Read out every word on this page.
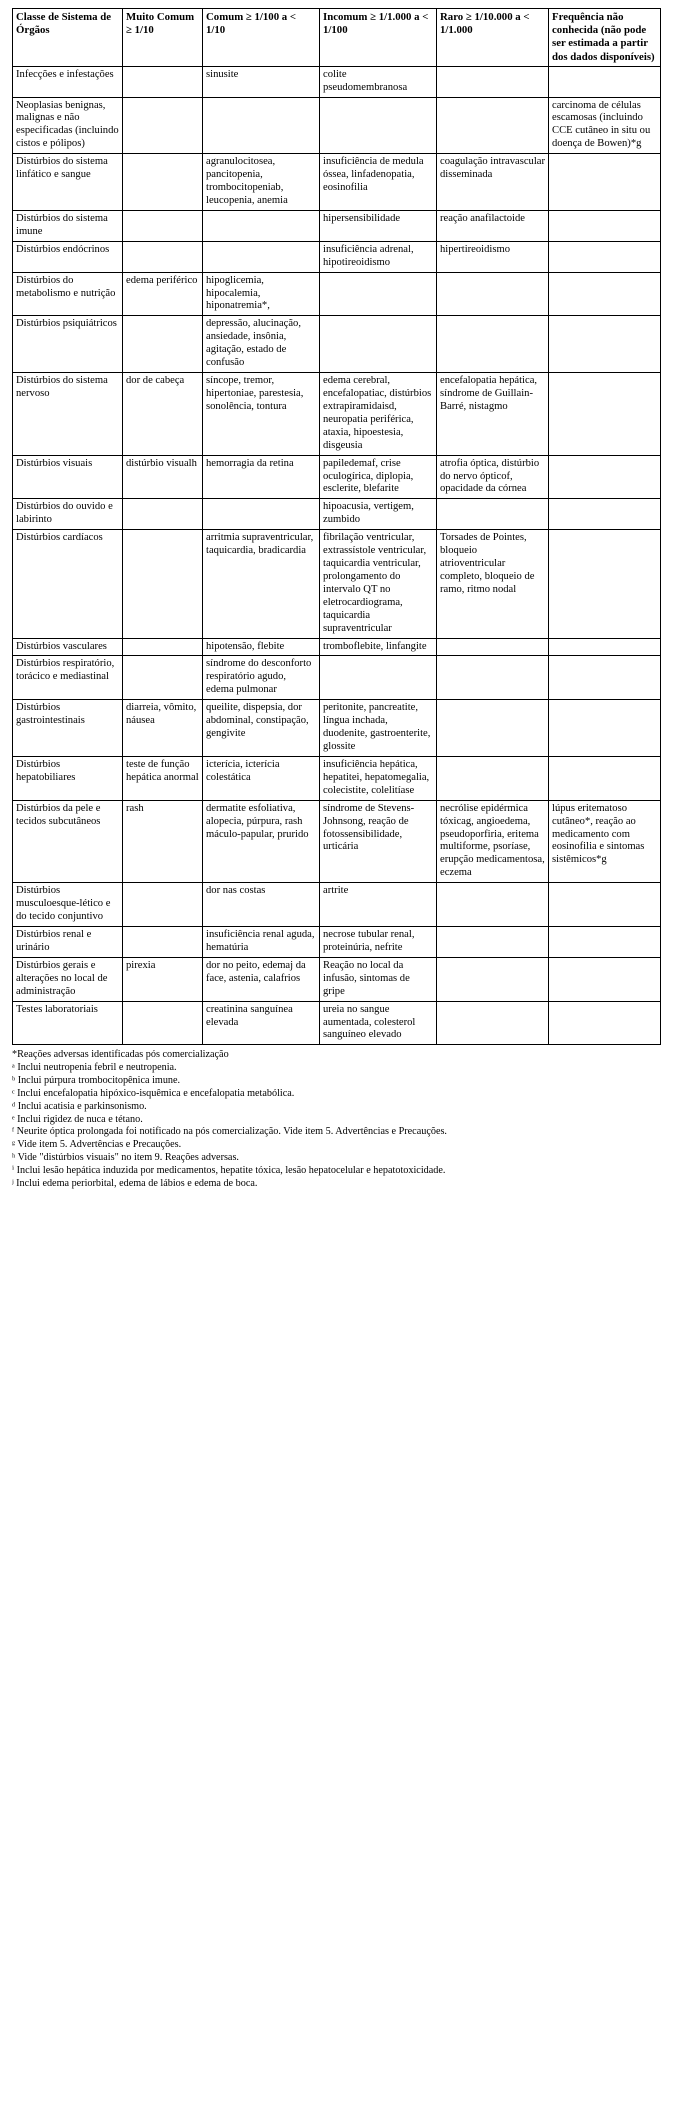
Classe de Sistema de Órgãos	Muito Comum ≥ 1/10	Comum ≥ 1/100 a < 1/10	Incomum ≥ 1/1.000 a < 1/100	Raro ≥ 1/10.000 a < 1/1.000	Frequência não conhecida (não pode ser estimada a partir dos dados disponíveis)
Infecções e infestações		sinusite	colite pseudomembranosa		
Neoplasias benignas, malignas e não especificadas (incluindo cistos e pólipos)					carcinoma de células escamosas (incluindo CCE cutâneo in situ ou doença de Bowen)*g
Distúrbios do sistema linfático e sangue		agranulocitosea, pancitopenia, trombocitopeniab, leucopenia, anemia	insuficiência de medula óssea, linfadenopatia, eosinofilia	coagulação intravascular disseminada	
Distúrbios do sistema imune			hipersensibilidade	reação anafilactoide	
Distúrbios endócrinos			insuficiência adrenal, hipotireoidismo	hipertireoidismo	
Distúrbios do metabolismo e nutrição	edema periférico	hipoglicemia, hipocalemia, hiponatremia*,			
Distúrbios psiquiátricos		depressão, alucinação, ansiedade, insônia, agitação, estado de confusão			
Distúrbios do sistema nervoso	dor de cabeça	síncope, tremor, hipertoniae, parestesia, sonolência, tontura	edema cerebral, encefalopatiac, distúrbios extrapiramidaisd, neuropatia periférica, ataxia, hipoestesia, disgeusia	encefalopatia hepática, síndrome de Guillain-Barré, nistagmo	
Distúrbios visuais	distúrbio visualh	hemorragia da retina	papiledemaf, crise oculogírica, diplopia, esclerite, blefarite	atrofia óptica, distúrbio do nervo ópticof, opacidade da córnea	
Distúrbios do ouvido e labirinto			hipoacusia, vertigem, zumbido		
Distúrbios cardíacos		arritmia supraventricular, taquicardia, bradicardia	fibrilação ventricular, extrassístole ventricular, taquicardia ventricular, prolongamento do intervalo QT no eletrocardiograma, taquicardia supraventricular	Torsades de Pointes, bloqueio atrioventricular completo, bloqueio de ramo, ritmo nodal	
Distúrbios vasculares		hipotensão, flebite	tromboflebite, linfangite		
Distúrbios respiratório, torácico e mediastinal		síndrome do desconforto respiratório agudo, edema pulmonar			
Distúrbios gastrointestinais	diarreia, vômito, náusea	queilite, dispepsia, dor abdominal, constipação, gengivite	peritonite, pancreatite, língua inchada, duodenite, gastroenterite, glossite		
Distúrbios hepatobiliares	teste de função hepática anormal	icterícia, icterícia colestática	insuficiência hepática, hepatitei, hepatomegalia, colecistite, colelitíase		
Distúrbios da pele e tecidos subcutâneos	rash	dermatite esfoliativa, alopecia, púrpura, rash máculo-papular, prurido	síndrome de Stevens-Johnsong, reação de fotossensibilidade, urticária	necrólise epidérmica tóxicag, angioedema, pseudoporfiria, eritema multiforme, psoríase, erupção medicamentosa, eczema	lúpus eritematoso cutâneo*, reação ao medicamento com eosinofilia e sintomas sistêmicos*g
Distúrbios musculoesque-lético e do tecido conjuntivo		dor nas costas	artrite		
Distúrbios renal e urinário		insuficiência renal aguda, hematúria	necrose tubular renal, proteinúria, nefrite		
Distúrbios gerais e alterações no local de administração	pirexia	dor no peito, edemaj da face, astenia, calafrios	Reação no local da infusão, sintomas de gripe		
Testes laboratoriais		creatinina sanguínea elevada	ureia no sangue aumentada, colesterol sanguíneo elevado		
*Reações adversas identificadas pós comercialização
ᵃ Inclui neutropenia febril e neutropenia.
ᵇ Inclui púrpura trombocitopênica imune.
ᶜ Inclui encefalopatia hipóxico-isquêmica e encefalopatia metabólica.
ᵈ Inclui acatisia e parkinsonismo.
ᵉ Inclui rigidez de nuca e tétano.
ᶠ Neurite óptica prolongada foi notificado na pós comercialização. Vide item 5. Advertências e Precauções.
ᵍ Vide item 5. Advertências e Precauções.
ʰ Vide "distúrbios visuais" no item 9. Reações adversas.
ⁱ Inclui lesão hepática induzida por medicamentos, hepatite tóxica, lesão hepatocelular e hepatotoxicidade.
ʲ Inclui edema periorbital, edema de lábios e edema de boca.
